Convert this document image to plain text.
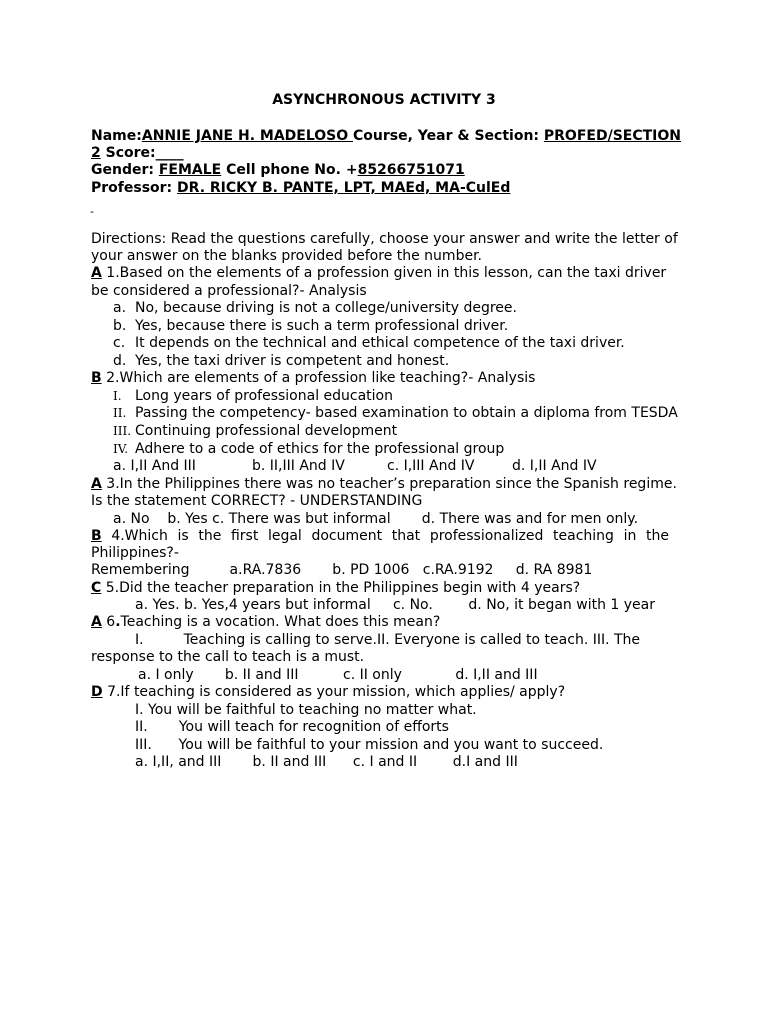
ASYNCHRONOUS ACTIVITY 3
Name:ANNIE JANE H. MADELOSO Course, Year & Section: PROFED/SECTION
2 Score:____
Gender: FEMALE Cell phone No. +85266751071
Professor: DR. RICKY B. PANTE, LPT, MAEd, MA-CulEd
-
Directions: Read the questions carefully, choose your answer and write the letter of
your answer on the blanks provided before the number.
A 1.Based on the elements of a profession given in this lesson, can the taxi driver
be considered a professional?- Analysis
a. No, because driving is not a college/university degree.
b. Yes, because there is such a term professional driver.
c. It depends on the technical and ethical competence of the taxi driver.
d. Yes, the taxi driver is competent and honest.
B 2.Which are elements of a profession like teaching?- Analysis
I. Long years of professional education
II. Passing the competency- based examination to obtain a diploma from TESDA
III. Continuing professional development
IV. Adhere to a code of ethics for the professional group
a. I,II And III	b. II,III And IV	c. I,III And IV	d. I,II And IV
A 3.In the Philippines there was no teacher’s preparation since the Spanish regime.
Is the statement CORRECT? - UNDERSTANDING
a. No    b. Yes c. There was but informal       d. There was and for men only.
B 4.Which is the first legal document that professionalized teaching in the
Philippines?-
Remembering         a.RA.7836       b. PD 1006   c.RA.9192     d. RA 8981
C 5.Did the teacher preparation in the Philippines begin with 4 years?
a. Yes. b. Yes,4 years but informal     c. No.        d. No, it began with 1 year
A 6.Teaching is a vocation. What does this mean?
I.         Teaching is calling to serve.II. Everyone is called to teach. III. The
response to the call to teach is a must.
a. I only       b. II and III          c. II only            d. I,II and III
D 7.If teaching is considered as your mission, which applies/ apply?
I. You will be faithful to teaching no matter what.
II.       You will teach for recognition of efforts
III.      You will be faithful to your mission and you want to succeed.
a. I,II, and III       b. II and III      c. I and II        d.I and III
